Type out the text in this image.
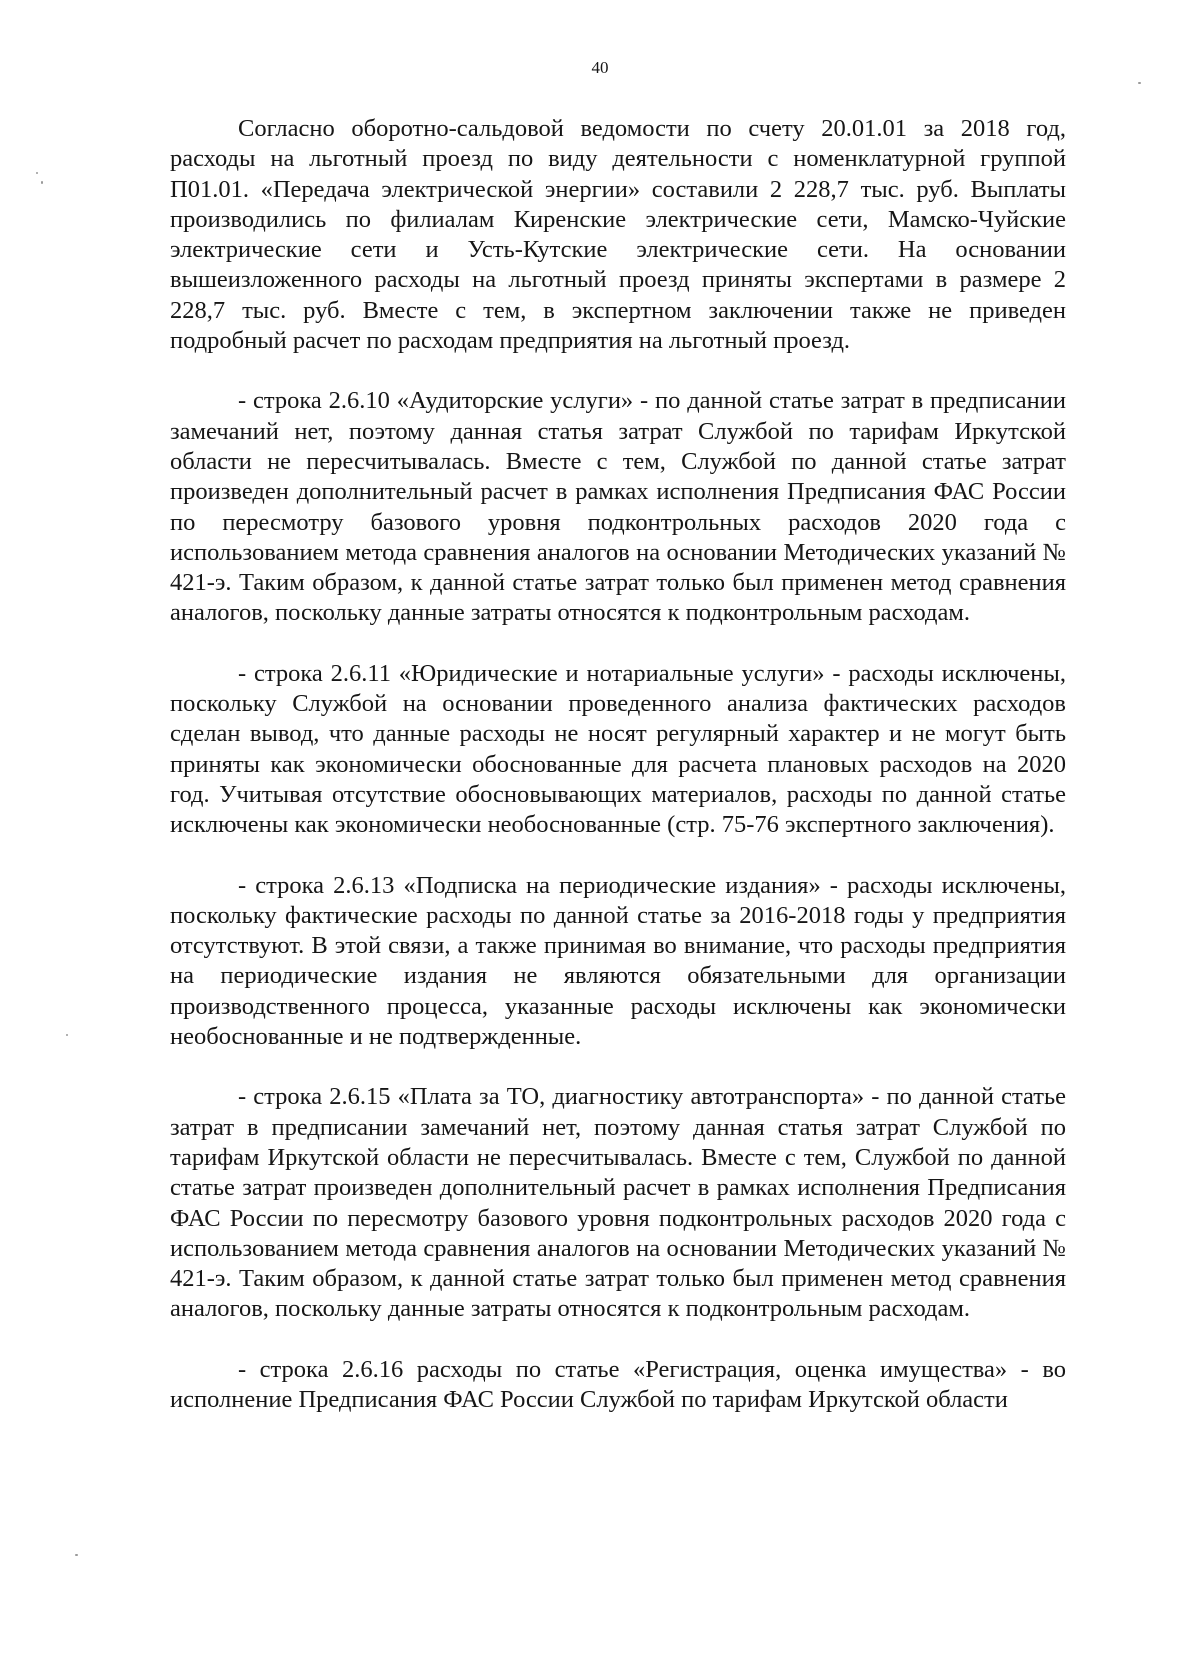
40

Согласно оборотно-сальдовой ведомости по счету 20.01.01 за 2018 год, расходы на льготный проезд по виду деятельности с номенклатурной группой П01.01. «Передача электрической энергии» составили 2 228,7 тыс. руб. Выплаты производились по филиалам Киренские электрические сети, Мамско-Чуйские электрические сети и Усть-Кутские электрические сети. На основании вышеизложенного расходы на льготный проезд приняты экспертами в размере 2 228,7 тыс. руб. Вместе с тем, в экспертном заключении также не приведен подробный расчет по расходам предприятия на льготный проезд.

- строка 2.6.10 «Аудиторские услуги» - по данной статье затрат в предписании замечаний нет, поэтому данная статья затрат Службой по тарифам Иркутской области не пересчитывалась. Вместе с тем, Службой по данной статье затрат произведен дополнительный расчет в рамках исполнения Предписания ФАС России по пересмотру базового уровня подконтрольных расходов 2020 года с использованием метода сравнения аналогов на основании Методических указаний № 421-э. Таким образом, к данной статье затрат только был применен метод сравнения аналогов, поскольку данные затраты относятся к подконтрольным расходам.

- строка 2.6.11 «Юридические и нотариальные услуги» - расходы исключены, поскольку Службой на основании проведенного анализа фактических расходов сделан вывод, что данные расходы не носят регулярный характер и не могут быть приняты как экономически обоснованные для расчета плановых расходов на 2020 год. Учитывая отсутствие обосновывающих материалов, расходы по данной статье исключены как экономически необоснованные (стр. 75-76 экспертного заключения).

- строка 2.6.13 «Подписка на периодические издания» - расходы исключены, поскольку фактические расходы по данной статье за 2016-2018 годы у предприятия отсутствуют. В этой связи, а также принимая во внимание, что расходы предприятия на периодические издания не являются обязательными для организации производственного процесса, указанные расходы исключены как экономически необоснованные и не подтвержденные.

- строка 2.6.15 «Плата за ТО, диагностику автотранспорта» - по данной статье затрат в предписании замечаний нет, поэтому данная статья затрат Службой по тарифам Иркутской области не пересчитывалась. Вместе с тем, Службой по данной статье затрат произведен дополнительный расчет в рамках исполнения Предписания ФАС России по пересмотру базового уровня подконтрольных расходов 2020 года с использованием метода сравнения аналогов на основании Методических указаний № 421-э. Таким образом, к данной статье затрат только был применен метод сравнения аналогов, поскольку данные затраты относятся к подконтрольным расходам.

- строка 2.6.16 расходы по статье «Регистрация, оценка имущества» - во исполнение Предписания ФАС России Службой по тарифам Иркутской области
